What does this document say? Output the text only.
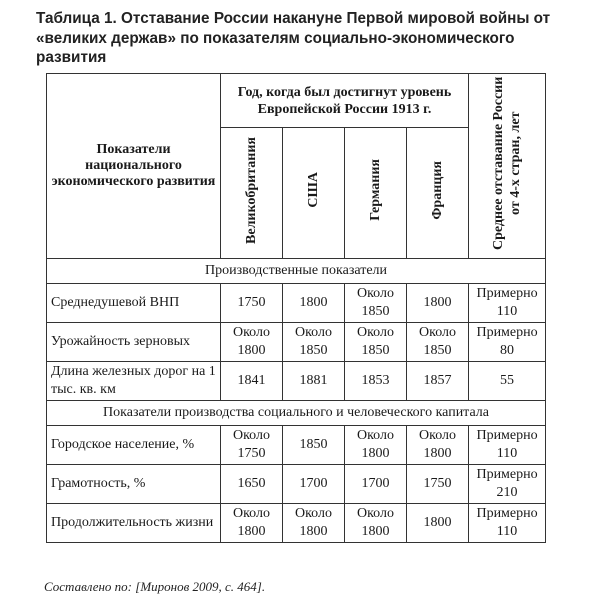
Таблица 1. Отставание России накануне Первой мировой войны от «великих держав» по показателям социально-экономического развития
Показатели национального экономического развития	Год, когда был достигнут уровень Европейской России 1913 г.				Среднее отставание России от 4-х стран, лет
	Великобритания	США	Германия	Франция	
Производственные показатели					
Среднедушевой ВНП	1750	1800	Около 1850	1800	Примерно 110
Урожайность зерновых	Около 1800	Около 1850	Около 1850	Около 1850	Примерно 80
Длина железных дорог на 1 тыс. кв. км	1841	1881	1853	1857	55
Показатели производства социального и человеческого капитала					
Городское население, %	Около 1750	1850	Около 1800	Около 1800	Примерно 110
Грамотность, %	1650	1700	1700	1750	Примерно 210
Продолжительность жизни	Около 1800	Около 1800	Около 1800	1800	Примерно 110
Составлено по: [Миронов 2009, с. 464].
